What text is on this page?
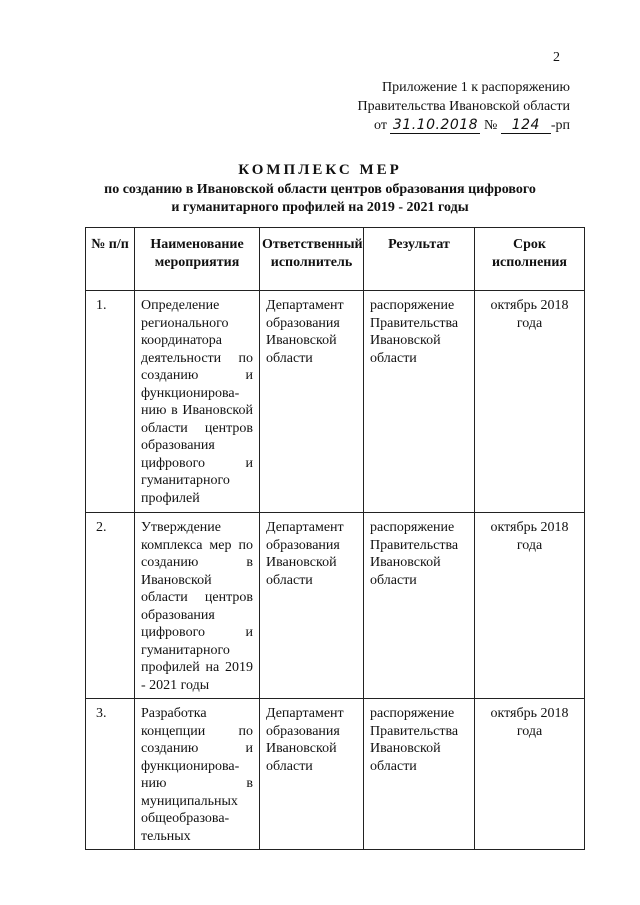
2
Приложение 1 к распоряжению
Правительства Ивановской области
от 31.10.2018 № 124 -рп
КОМПЛЕКС МЕР
по созданию в Ивановской области центров образования цифрового и гуманитарного профилей на 2019 - 2021 годы
№ п/п	Наименование мероприятия	Ответственный исполнитель	Результат	Срок исполнения

1.	Определение регионального координатора деятельности по созданию и функционирова-нию в Ивановской области центров образования цифрового и гуманитарного профилей	Департамент образования Ивановской области	распоряжение Правительства Ивановской области	октябрь 2018 года

2.	Утверждение комплекса мер по созданию в Ивановской области центров образования цифрового и гуманитарного профилей на 2019 - 2021 годы	Департамент образования Ивановской области	распоряжение Правительства Ивановской области	октябрь 2018 года

3.	Разработка концепции по созданию и функционирова-нию в муниципальных общеобразова-тельных	Департамент образования Ивановской области	распоряжение Правительства Ивановской области	октябрь 2018 года
